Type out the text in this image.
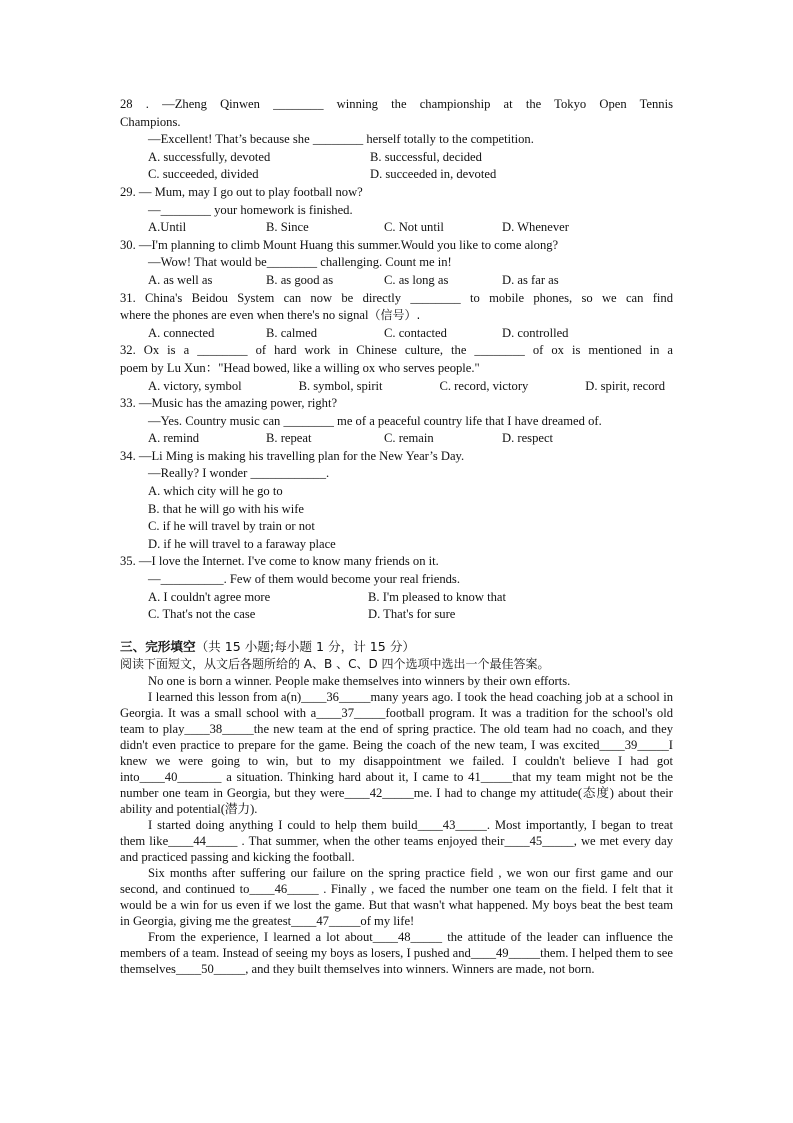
28 . —Zheng Qinwen ________ winning the championship at the Tokyo Open Tennis
Champions.
—Excellent! That’s because she ________ herself totally to the competition.
A. successfully, devoted	B. successful, decided
C. succeeded, divided	D. succeeded in, devoted
29. — Mum, may I go out to play football now?
—________ your homework is finished.
A.Until	B. Since	C. Not until	D. Whenever
30. —I'm planning to climb Mount Huang this summer.Would you like to come along?
—Wow! That would be________ challenging. Count me in!
A. as well as	B. as good as	C. as long as	D. as far as
31. China's Beidou System can now be directly ________ to mobile phones, so we can find
where the phones are even when there's no signal（信号）.
A. connected	B. calmed	C. contacted	D. controlled
32. Ox is a ________ of hard work in Chinese culture, the ________ of ox is mentioned in a
poem by Lu Xun："Head bowed, like a willing ox who serves people."
A. victory, symbol	B. symbol, spirit	C. record, victory	D. spirit, record
33. —Music has the amazing power, right?
—Yes. Country music can ________ me of a peaceful country life that I have dreamed of.
A. remind	B. repeat	C. remain	D. respect
34. —Li Ming is making his travelling plan for the New Year’s Day.
—Really? I wonder ____________.
A. which city will he go to
B. that he will go with his wife
C. if he will travel by train or not
D. if he will travel to a faraway place
35. —I love the Internet. I've come to know many friends on it.
—__________. Few of them would become your real friends.
A. I couldn't agree more	B. I'm pleased to know that
C. That's not the case	D. That's for sure
三、完形填空（共 15 小题;每小题 1 分，计 15 分）
阅读下面短文，从文后各题所给的 A、B 、C、D 四个选项中选出一个最佳答案。
No one is born a winner. People make themselves into winners by their own efforts.
I learned this lesson from a(n)____36_____many years ago. I took the head coaching job at a school in Georgia. It was a small school with a____37_____football program. It was a tradition for the school's old team to play____38_____the new team at the end of spring practice. The old team had no coach, and they didn't even practice to prepare for the game. Being the coach of the new team, I was excited____39_____I knew we were going to win, but to my disappointment we failed. I couldn't believe I had got into____40_______ a situation. Thinking hard about it, I came to 41_____that my team might not be the number one team in Georgia, but they were____42_____me. I had to change my attitude(态度) about their ability and potential(潜力).
I started doing anything I could to help them build____43_____. Most importantly, I began to treat them like____44_____ . That summer, when the other teams enjoyed their____45_____, we met every day and practiced passing and kicking the football.
Six months after suffering our failure on the spring practice field , we won our first game and our second, and continued to____46_____ . Finally , we faced the number one team on the field. I felt that it would be a win for us even if we lost the game. But that wasn't what happened. My boys beat the best team in Georgia, giving me the greatest____47_____of my life!
From the experience, I learned a lot about____48_____ the attitude of the leader can influence the members of a team. Instead of seeing my boys as losers, I pushed and____49_____them. I helped them to see themselves____50_____, and they built themselves into winners. Winners are made, not born.
